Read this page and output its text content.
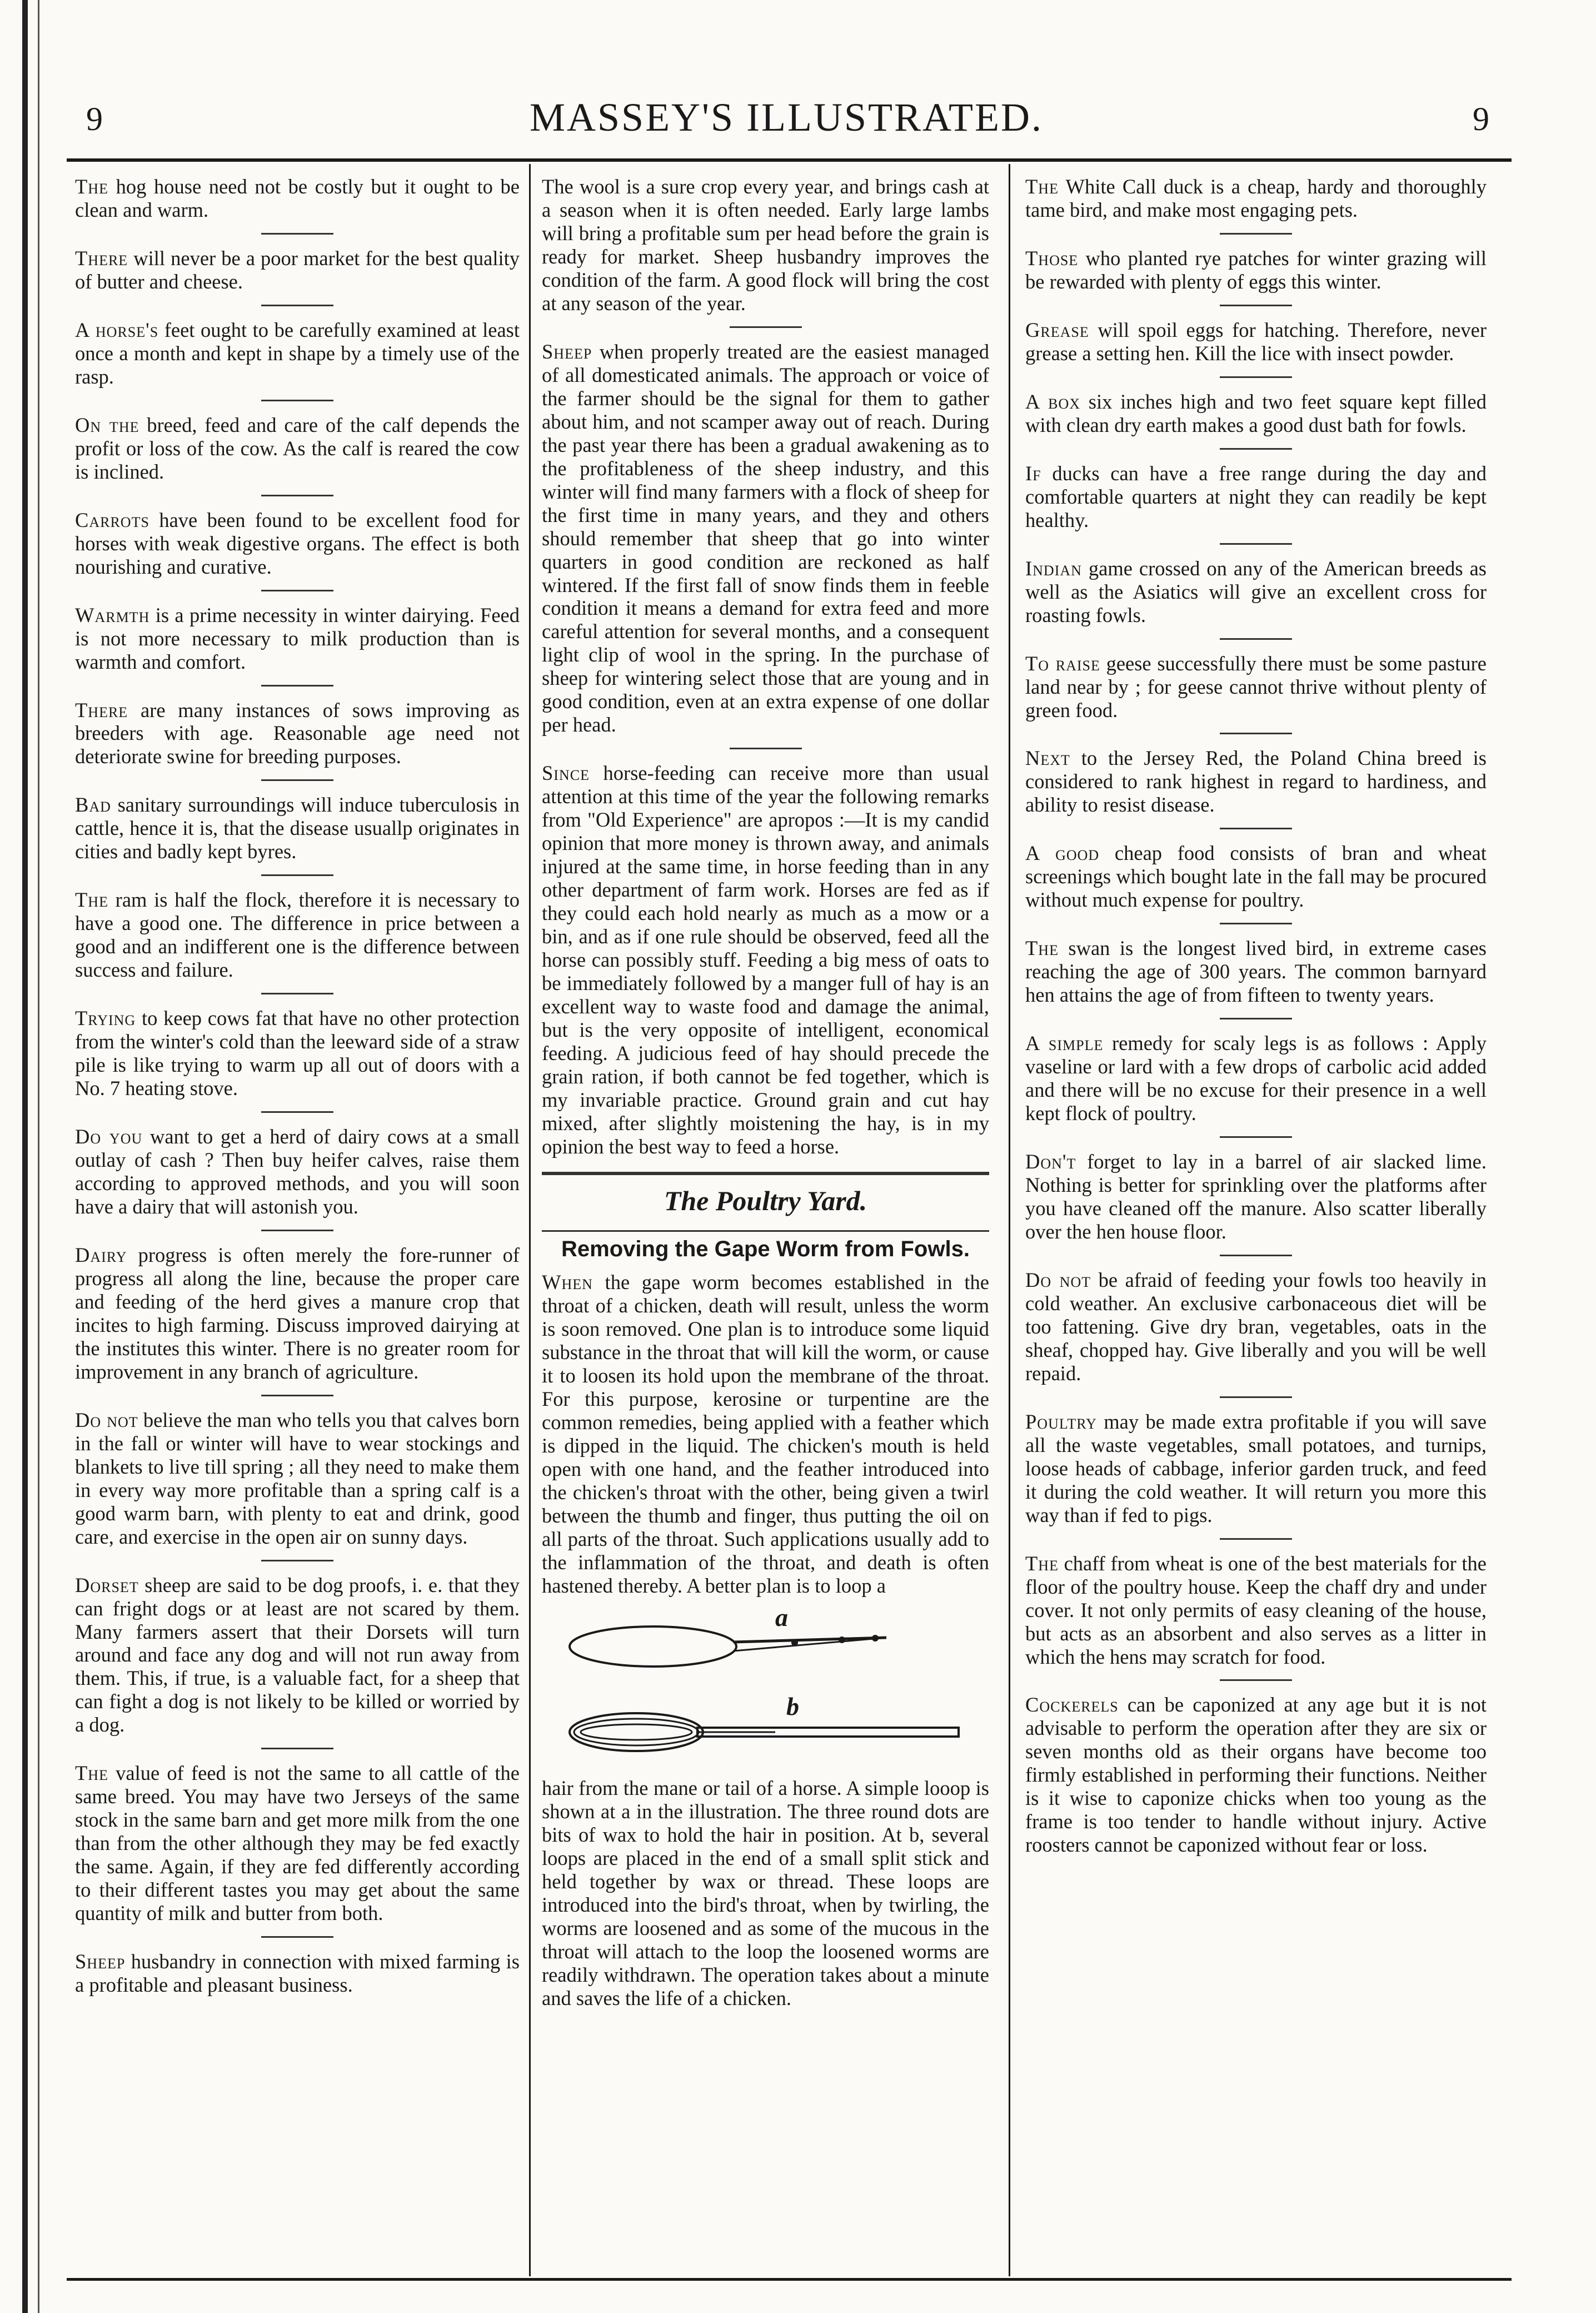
9	MASSEY'S ILLUSTRATED.	9

The hog house need not be costly but it ought to be clean and warm.

There will never be a poor market for the best quality of butter and cheese.

A horse's feet ought to be carefully examined at least once a month and kept in shape by a timely use of the rasp.

On the breed, feed and care of the calf depends the profit or loss of the cow. As the calf is reared the cow is inclined.

Carrots have been found to be excellent food for horses with weak digestive organs. The effect is both nourishing and curative.

Warmth is a prime necessity in winter dairying. Feed is not more necessary to milk production than is warmth and comfort.

There are many instances of sows improving as breeders with age. Reasonable age need not deteriorate swine for breeding purposes.

Bad sanitary surroundings will induce tuberculosis in cattle, hence it is, that the disease usuallp originates in cities and badly kept byres.

The ram is half the flock, therefore it is necessary to have a good one. The difference in price between a good and an indifferent one is the difference between success and failure.

Trying to keep cows fat that have no other protection from the winter's cold than the leeward side of a straw pile is like trying to warm up all out of doors with a No. 7 heating stove.

Do you want to get a herd of dairy cows at a small outlay of cash ? Then buy heifer calves, raise them according to approved methods, and you will soon have a dairy that will astonish you.

Dairy progress is often merely the fore-runner of progress all along the line, because the proper care and feeding of the herd gives a manure crop that incites to high farming. Discuss improved dairying at the institutes this winter. There is no greater room for improvement in any branch of agriculture.

Do not believe the man who tells you that calves born in the fall or winter will have to wear stockings and blankets to live till spring ; all they need to make them in every way more profitable than a spring calf is a good warm barn, with plenty to eat and drink, good care, and exercise in the open air on sunny days.

Dorset sheep are said to be dog proofs, i. e. that they can fright dogs or at least are not scared by them. Many farmers assert that their Dorsets will turn around and face any dog and will not run away from them. This, if true, is a valuable fact, for a sheep that can fight a dog is not likely to be killed or worried by a dog.

The value of feed is not the same to all cattle of the same breed. You may have two Jerseys of the same stock in the same barn and get more milk from the one than from the other although they may be fed exactly the same. Again, if they are fed differently according to their different tastes you may get about the same quantity of milk and butter from both.

Sheep husbandry in connection with mixed farming is a profitable and pleasant business.

The wool is a sure crop every year, and brings cash at a season when it is often needed. Early large lambs will bring a profitable sum per head before the grain is ready for market. Sheep husbandry improves the condition of the farm. A good flock will bring the cost at any season of the year.

Sheep when properly treated are the easiest managed of all domesticated animals. The approach or voice of the farmer should be the signal for them to gather about him, and not scamper away out of reach. During the past year there has been a gradual awakening as to the profitableness of the sheep industry, and this winter will find many farmers with a flock of sheep for the first time in many years, and they and others should remember that sheep that go into winter quarters in good condition are reckoned as half wintered. If the first fall of snow finds them in feeble condition it means a demand for extra feed and more careful attention for several months, and a consequent light clip of wool in the spring. In the purchase of sheep for wintering select those that are young and in good condition, even at an extra expense of one dollar per head.

Since horse-feeding can receive more than usual attention at this time of the year the following remarks from "Old Experience" are apropos :—It is my candid opinion that more money is thrown away, and animals injured at the same time, in horse feeding than in any other department of farm work. Horses are fed as if they could each hold nearly as much as a mow or a bin, and as if one rule should be observed, feed all the horse can possibly stuff. Feeding a big mess of oats to be immediately followed by a manger full of hay is an excellent way to waste food and damage the animal, but is the very opposite of intelligent, economical feeding. A judicious feed of hay should precede the grain ration, if both cannot be fed together, which is my invariable practice. Ground grain and cut hay mixed, after slightly moistening the hay, is in my opinion the best way to feed a horse.

The Poultry Yard.
Removing the Gape Worm from Fowls.

When the gape worm becomes established in the throat of a chicken, death will result, unless the worm is soon removed. One plan is to introduce some liquid substance in the throat that will kill the worm, or cause it to loosen its hold upon the membrane of the throat. For this purpose, kerosine or turpentine are the common remedies, being applied with a feather which is dipped in the liquid. The chicken's mouth is held open with one hand, and the feather introduced into the chicken's throat with the other, being given a twirl between the thumb and finger, thus putting the oil on all parts of the throat. Such applications usually add to the inflammation of the throat, and death is often hastened thereby. A better plan is to loop a

a
b

hair from the mane or tail of a horse. A simple looop is shown at a in the illustration. The three round dots are bits of wax to hold the hair in position. At b, several loops are placed in the end of a small split stick and held together by wax or thread. These loops are introduced into the bird's throat, when by twirling, the worms are loosened and as some of the mucous in the throat will attach to the loop the loosened worms are readily withdrawn. The operation takes about a minute and saves the life of a chicken.

The White Call duck is a cheap, hardy and thoroughly tame bird, and make most engaging pets.

Those who planted rye patches for winter grazing will be rewarded with plenty of eggs this winter.

Grease will spoil eggs for hatching. Therefore, never grease a setting hen. Kill the lice with insect powder.

A box six inches high and two feet square kept filled with clean dry earth makes a good dust bath for fowls.

If ducks can have a free range during the day and comfortable quarters at night they can readily be kept healthy.

Indian game crossed on any of the American breeds as well as the Asiatics will give an excellent cross for roasting fowls.

To raise geese successfully there must be some pasture land near by ; for geese cannot thrive without plenty of green food.

Next to the Jersey Red, the Poland China breed is considered to rank highest in regard to hardiness, and ability to resist disease.

A good cheap food consists of bran and wheat screenings which bought late in the fall may be procured without much expense for poultry.

The swan is the longest lived bird, in extreme cases reaching the age of 300 years. The common barnyard hen attains the age of from fifteen to twenty years.

A simple remedy for scaly legs is as follows : Apply vaseline or lard with a few drops of carbolic acid added and there will be no excuse for their presence in a well kept flock of poultry.

Don't forget to lay in a barrel of air slacked lime. Nothing is better for sprinkling over the platforms after you have cleaned off the manure. Also scatter liberally over the hen house floor.

Do not be afraid of feeding your fowls too heavily in cold weather. An exclusive carbonaceous diet will be too fattening. Give dry bran, vegetables, oats in the sheaf, chopped hay. Give liberally and you will be well repaid.

Poultry may be made extra profitable if you will save all the waste vegetables, small potatoes, and turnips, loose heads of cabbage, inferior garden truck, and feed it during the cold weather. It will return you more this way than if fed to pigs.

The chaff from wheat is one of the best materials for the floor of the poultry house. Keep the chaff dry and under cover. It not only permits of easy cleaning of the house, but acts as an absorbent and also serves as a litter in which the hens may scratch for food.

Cockerels can be caponized at any age but it is not advisable to perform the operation after they are six or seven months old as their organs have become too firmly established in performing their functions. Neither is it wise to caponize chicks when too young as the frame is too tender to handle without injury. Active roosters cannot be caponized without fear or loss.
